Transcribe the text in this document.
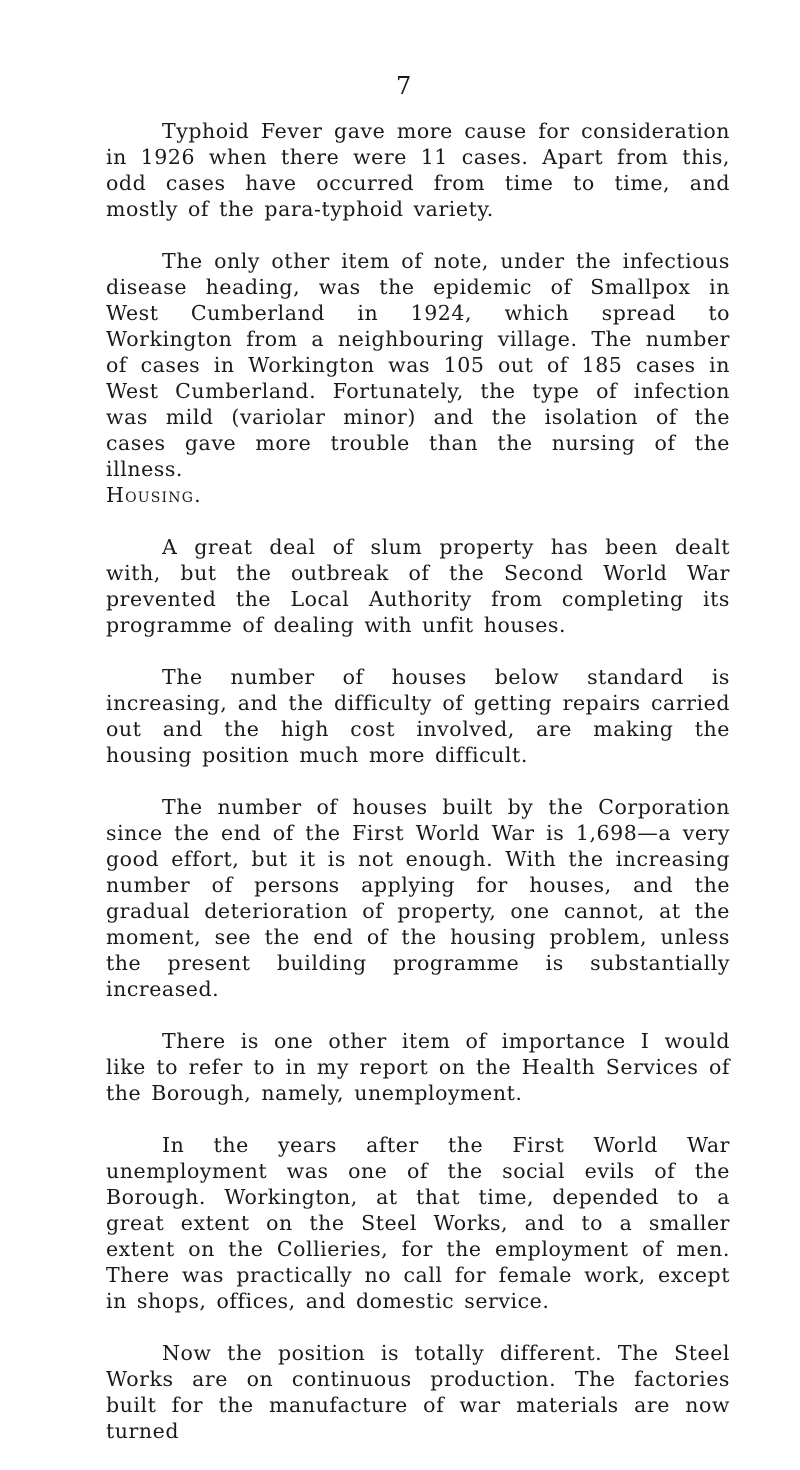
7

Typhoid Fever gave more cause for consideration in 1926 when there were 11 cases. Apart from this, odd cases have occurred from time to time, and mostly of the para-typhoid variety.

The only other item of note, under the infectious disease heading, was the epidemic of Smallpox in West Cumberland in 1924, which spread to Workington from a neighbouring village. The number of cases in Workington was 105 out of 185 cases in West Cumberland. Fortunately, the type of infection was mild (variolar minor) and the isolation of the cases gave more trouble than the nursing of the illness.

Housing.

A great deal of slum property has been dealt with, but the outbreak of the Second World War prevented the Local Authority from completing its programme of dealing with unfit houses.

The number of houses below standard is increasing, and the difficulty of getting repairs carried out and the high cost involved, are making the housing position much more difficult.

The number of houses built by the Corporation since the end of the First World War is 1,698—a very good effort, but it is not enough. With the increasing number of persons applying for houses, and the gradual deterioration of property, one cannot, at the moment, see the end of the housing problem, unless the present building programme is substantially increased.

There is one other item of importance I would like to refer to in my report on the Health Services of the Borough, namely, unemployment.

In the years after the First World War unemployment was one of the social evils of the Borough. Workington, at that time, depended to a great extent on the Steel Works, and to a smaller extent on the Collieries, for the employment of men. There was practically no call for female work, except in shops, offices, and domestic service.

Now the position is totally different. The Steel Works are on continuous production. The factories built for the manufacture of war materials are now turned
